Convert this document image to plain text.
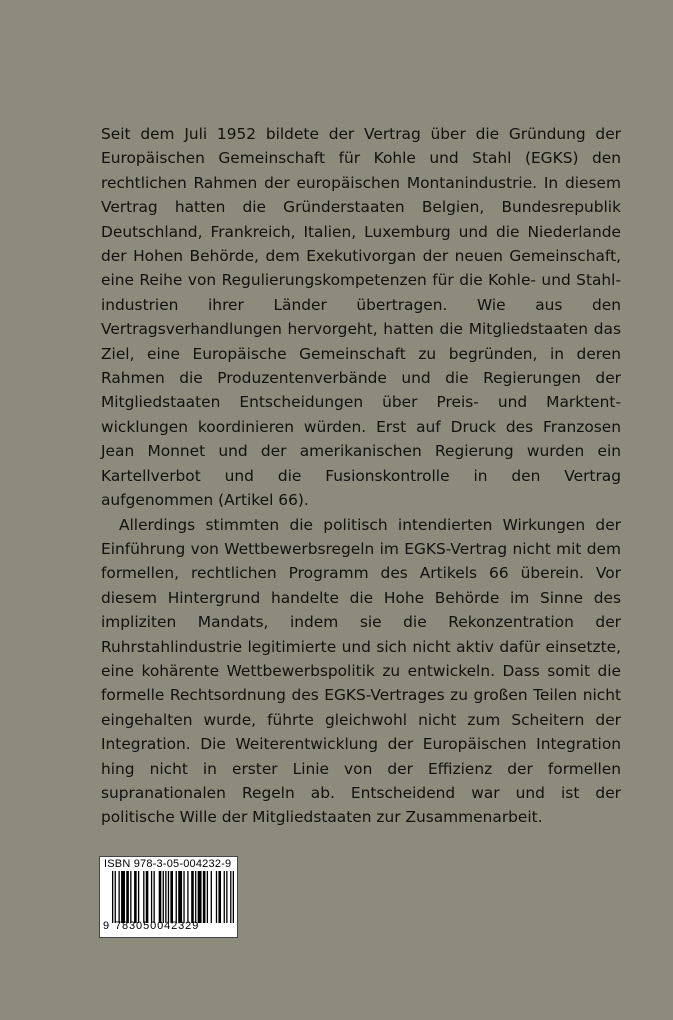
Seit dem Juli 1952 bildete der Vertrag über die Gründung der Europäischen Gemeinschaft für Kohle und Stahl (EGKS) den rechtlichen Rahmen der europäischen Montanindustrie. In diesem Vertrag hatten die Gründerstaaten Belgien, Bundesrepublik Deutschland, Frankreich, Italien, Luxemburg und die Niederlande der Hohen Behörde, dem Exekutivorgan der neuen Gemeinschaft, eine Reihe von Regulierungskompetenzen für die Kohle- und Stahlindustrien ihrer Länder übertragen. Wie aus den Vertragsverhandlungen hervorgeht, hatten die Mitgliedstaaten das Ziel, eine Europäische Gemeinschaft zu begründen, in deren Rahmen die Produzentenverbände und die Regierungen der Mitgliedstaaten Entscheidungen über Preis- und Marktentwicklungen koordinieren würden. Erst auf Druck des Franzosen Jean Monnet und der amerikanischen Regierung wurden ein Kartellverbot und die Fusionskontrolle in den Vertrag aufgenommen (Artikel 66).

Allerdings stimmten die politisch intendierten Wirkungen der Einführung von Wettbewerbsregeln im EGKS-Vertrag nicht mit dem formellen, rechtlichen Programm des Artikels 66 überein. Vor diesem Hintergrund handelte die Hohe Behörde im Sinne des impliziten Mandats, indem sie die Rekonzentration der Ruhrstahlindustrie legitimierte und sich nicht aktiv dafür einsetzte, eine kohärente Wettbewerbspolitik zu entwickeln. Dass somit die formelle Rechtsordnung des EGKS-Vertrages zu großen Teilen nicht eingehalten wurde, führte gleichwohl nicht zum Scheitern der Integration. Die Weiterentwicklung der Europäischen Integration hing nicht in erster Linie von der Effizienz der formellen supranationalen Regeln ab. Entscheidend war und ist der politische Wille der Mitgliedstaaten zur Zusammenarbeit.

ISBN 978-3-05-004232-9
9 783050042329
